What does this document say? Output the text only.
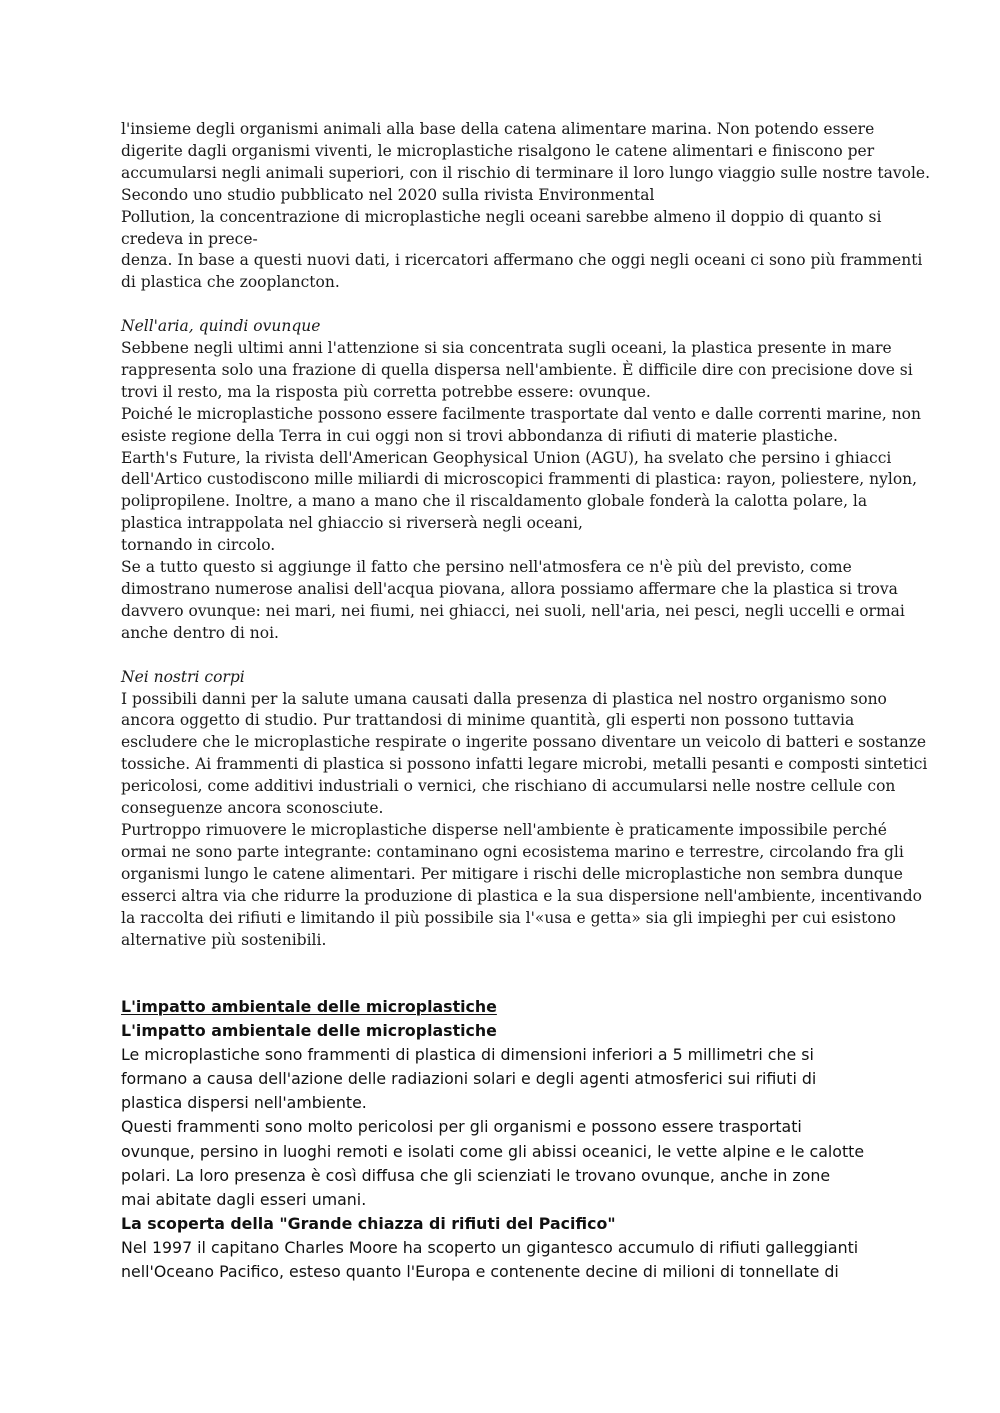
l'insieme degli organismi animali alla base della catena alimentare marina. Non potendo essere
digerite dagli organismi viventi, le microplastiche risalgono le catene alimentari e finiscono per
accumularsi negli animali superiori, con il rischio di terminare il loro lungo viaggio sulle nostre tavole.
Secondo uno studio pubblicato nel 2020 sulla rivista Environmental
Pollution, la concentrazione di microplastiche negli oceani sarebbe almeno il doppio di quanto si
credeva in prece-
denza. In base a questi nuovi dati, i ricercatori affermano che oggi negli oceani ci sono più frammenti
di plastica che zooplancton.
Nell'aria, quindi ovunque
Sebbene negli ultimi anni l'attenzione si sia concentrata sugli oceani, la plastica presente in mare
rappresenta solo una frazione di quella dispersa nell'ambiente. È difficile dire con precisione dove si
trovi il resto, ma la risposta più corretta potrebbe essere: ovunque.
Poiché le microplastiche possono essere facilmente trasportate dal vento e dalle correnti marine, non
esiste regione della Terra in cui oggi non si trovi abbondanza di rifiuti di materie plastiche.
Earth's Future, la rivista dell'American Geophysical Union (AGU), ha svelato che persino i ghiacci
dell'Artico custodiscono mille miliardi di microscopici frammenti di plastica: rayon, poliestere, nylon,
polipropilene. Inoltre, a mano a mano che il riscaldamento globale fonderà la calotta polare, la
plastica intrappolata nel ghiaccio si riverserà negli oceani,
tornando in circolo.
Se a tutto questo si aggiunge il fatto che persino nell'atmosfera ce n'è più del previsto, come
dimostrano numerose analisi dell'acqua piovana, allora possiamo affermare che la plastica si trova
davvero ovunque: nei mari, nei fiumi, nei ghiacci, nei suoli, nell'aria, nei pesci, negli uccelli e ormai
anche dentro di noi.
Nei nostri corpi
I possibili danni per la salute umana causati dalla presenza di plastica nel nostro organismo sono
ancora oggetto di studio. Pur trattandosi di minime quantità, gli esperti non possono tuttavia
escludere che le microplastiche respirate o ingerite possano diventare un veicolo di batteri e sostanze
tossiche. Ai frammenti di plastica si possono infatti legare microbi, metalli pesanti e composti sintetici
pericolosi, come additivi industriali o vernici, che rischiano di accumularsi nelle nostre cellule con
conseguenze ancora sconosciute.
Purtroppo rimuovere le microplastiche disperse nell'ambiente è praticamente impossibile perché
ormai ne sono parte integrante: contaminano ogni ecosistema marino e terrestre, circolando fra gli
organismi lungo le catene alimentari. Per mitigare i rischi delle microplastiche non sembra dunque
esserci altra via che ridurre la produzione di plastica e la sua dispersione nell'ambiente, incentivando
la raccolta dei rifiuti e limitando il più possibile sia l'«usa e getta» sia gli impieghi per cui esistono
alternative più sostenibili.
L'impatto ambientale delle microplastiche
L'impatto ambientale delle microplastiche
Le microplastiche sono frammenti di plastica di dimensioni inferiori a 5 millimetri che si
formano a causa dell'azione delle radiazioni solari e degli agenti atmosferici sui rifiuti di
plastica dispersi nell'ambiente.
Questi frammenti sono molto pericolosi per gli organismi e possono essere trasportati
ovunque, persino in luoghi remoti e isolati come gli abissi oceanici, le vette alpine e le calotte
polari. La loro presenza è così diffusa che gli scienziati le trovano ovunque, anche in zone
mai abitate dagli esseri umani.
La scoperta della "Grande chiazza di rifiuti del Pacifico"
Nel 1997 il capitano Charles Moore ha scoperto un gigantesco accumulo di rifiuti galleggianti
nell'Oceano Pacifico, esteso quanto l'Europa e contenente decine di milioni di tonnellate di
